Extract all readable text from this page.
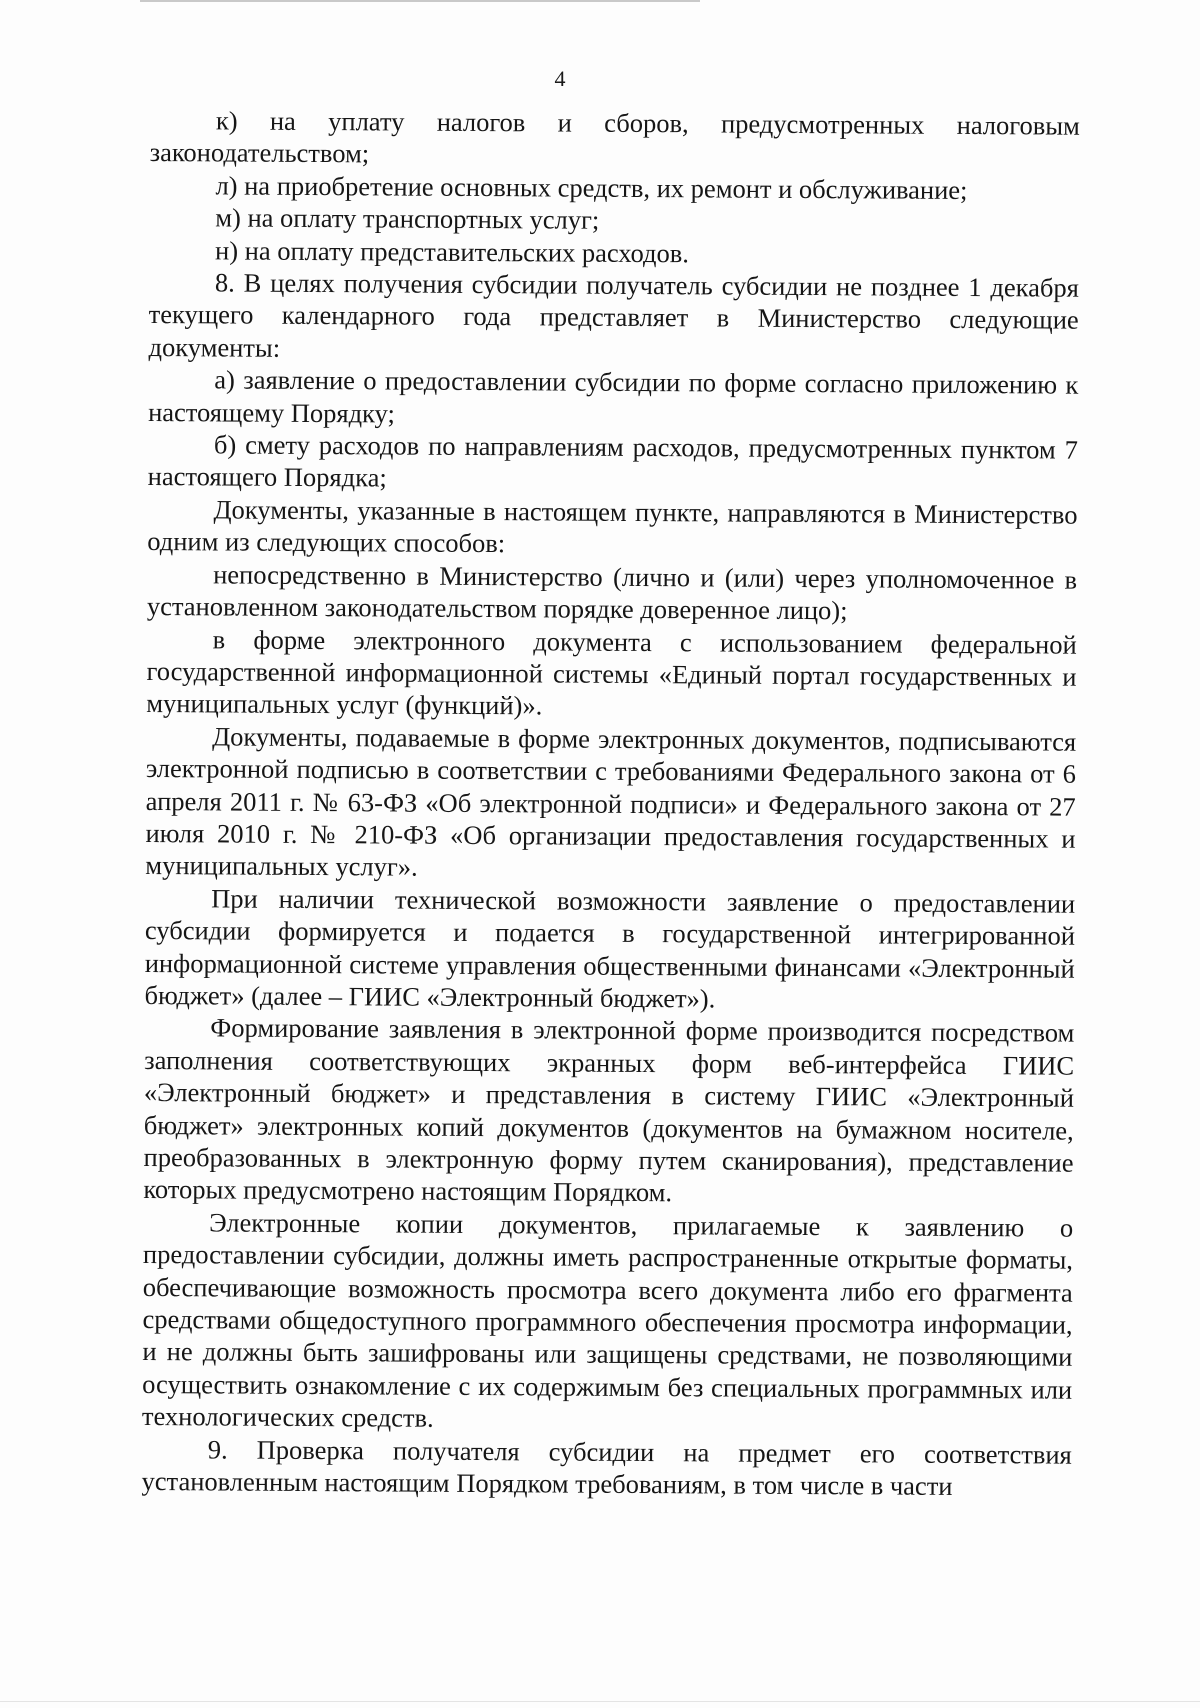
4

к) на уплату налогов и сборов, предусмотренных налоговым законодательством;

л) на приобретение основных средств, их ремонт и обслуживание;

м) на оплату транспортных услуг;

н) на оплату представительских расходов.

8. В целях получения субсидии получатель субсидии не позднее 1 декабря текущего календарного года представляет в Министерство следующие документы:

а) заявление о предоставлении субсидии по форме согласно приложению к настоящему Порядку;

б) смету расходов по направлениям расходов, предусмотренных пунктом 7 настоящего Порядка;

Документы, указанные в настоящем пункте, направляются в Министерство одним из следующих способов:

непосредственно в Министерство (лично и (или) через уполномоченное в установленном законодательством порядке доверенное лицо);

в форме электронного документа с использованием федеральной государственной информационной системы «Единый портал государственных и муниципальных услуг (функций)».

Документы, подаваемые в форме электронных документов, подписываются электронной подписью в соответствии с требованиями Федерального закона от 6 апреля 2011 г. № 63-ФЗ «Об электронной подписи» и Федерального закона от 27 июля 2010 г. № 210-ФЗ «Об организации предоставления государственных и муниципальных услуг».

При наличии технической возможности заявление о предоставлении субсидии формируется и подается в государственной интегрированной информационной системе управления общественными финансами «Электронный бюджет» (далее – ГИИС «Электронный бюджет»).

Формирование заявления в электронной форме производится посредством заполнения соответствующих экранных форм веб-интерфейса ГИИС «Электронный бюджет» и представления в систему ГИИС «Электронный бюджет» электронных копий документов (документов на бумажном носителе, преобразованных в электронную форму путем сканирования), представление которых предусмотрено настоящим Порядком.

Электронные копии документов, прилагаемые к заявлению о предоставлении субсидии, должны иметь распространенные открытые форматы, обеспечивающие возможность просмотра всего документа либо его фрагмента средствами общедоступного программного обеспечения просмотра информации, и не должны быть зашифрованы или защищены средствами, не позволяющими осуществить ознакомление с их содержимым без специальных программных или технологических средств.

9. Проверка получателя субсидии на предмет его соответствия установленным настоящим Порядком требованиям, в том числе в части
